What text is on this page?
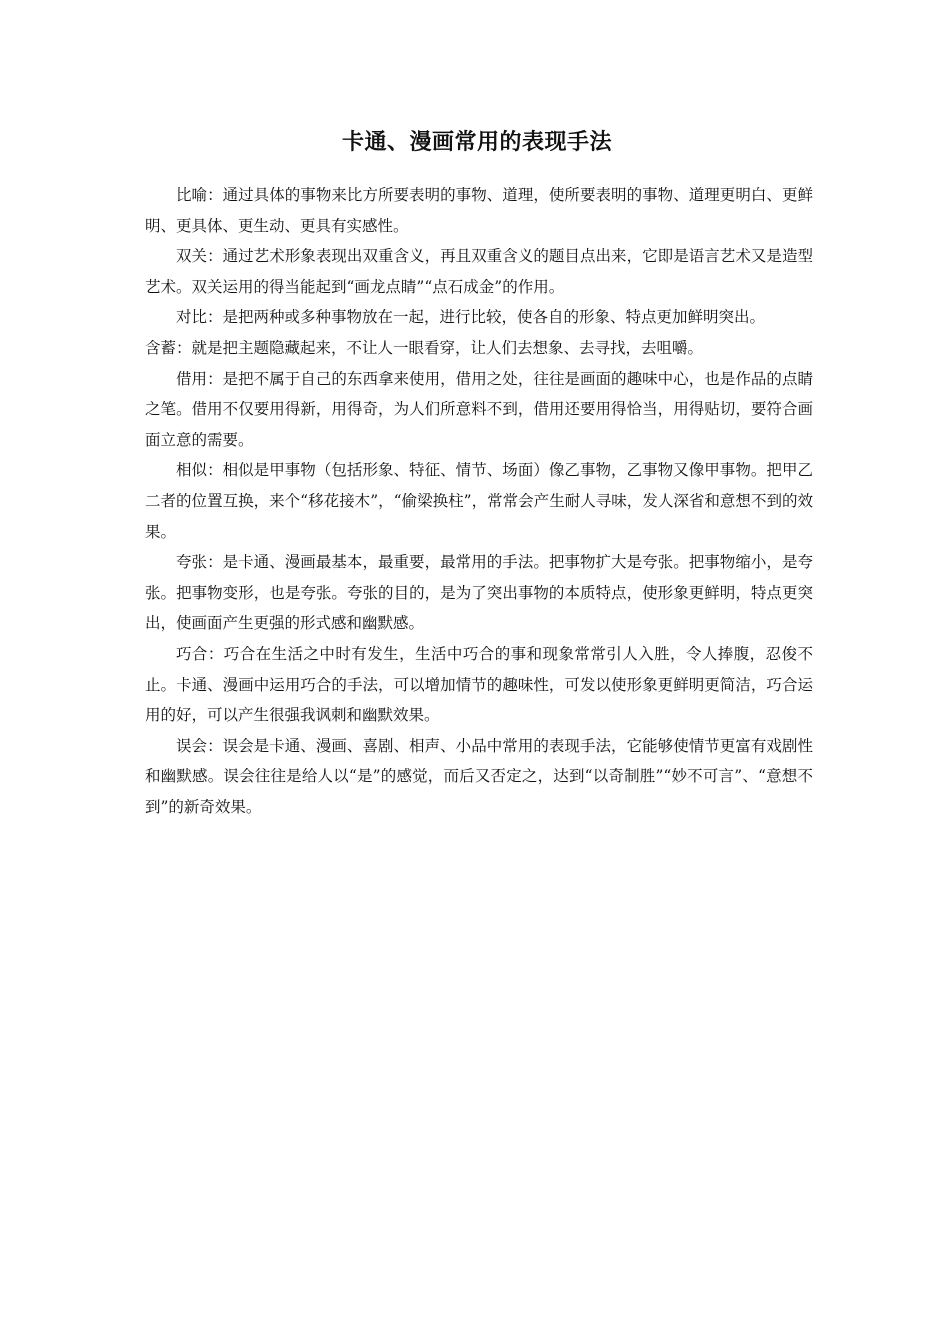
卡通、漫画常用的表现手法

比喻：通过具体的事物来比方所要表明的事物、道理，使所要表明的事物、道理更明白、更鲜明、更具体、更生动、更具有实感性。

双关：通过艺术形象表现出双重含义，再且双重含义的题目点出来，它即是语言艺术又是造型艺术。双关运用的得当能起到“画龙点睛”“点石成金”的作用。

对比：是把两种或多种事物放在一起，进行比较，使各自的形象、特点更加鲜明突出。

含蓄：就是把主题隐藏起来，不让人一眼看穿，让人们去想象、去寻找，去咀嚼。

借用：是把不属于自己的东西拿来使用，借用之处，往往是画面的趣味中心，也是作品的点睛之笔。借用不仅要用得新，用得奇，为人们所意料不到，借用还要用得恰当，用得贴切，要符合画面立意的需要。

相似：相似是甲事物（包括形象、特征、情节、场面）像乙事物，乙事物又像甲事物。把甲乙二者的位置互换，来个“移花接木”，“偷梁换柱”，常常会产生耐人寻味，发人深省和意想不到的效果。

夸张：是卡通、漫画最基本，最重要，最常用的手法。把事物扩大是夸张。把事物缩小，是夸张。把事物变形，也是夸张。夸张的目的，是为了突出事物的本质特点，使形象更鲜明，特点更突出，使画面产生更强的形式感和幽默感。

巧合：巧合在生活之中时有发生，生活中巧合的事和现象常常引人入胜，令人捧腹，忍俊不止。卡通、漫画中运用巧合的手法，可以增加情节的趣味性，可发以使形象更鲜明更简洁，巧合运用的好，可以产生很强我讽刺和幽默效果。

误会：误会是卡通、漫画、喜剧、相声、小品中常用的表现手法，它能够使情节更富有戏剧性和幽默感。误会往往是给人以“是”的感觉，而后又否定之，达到“以奇制胜”“妙不可言”、“意想不到”的新奇效果。
